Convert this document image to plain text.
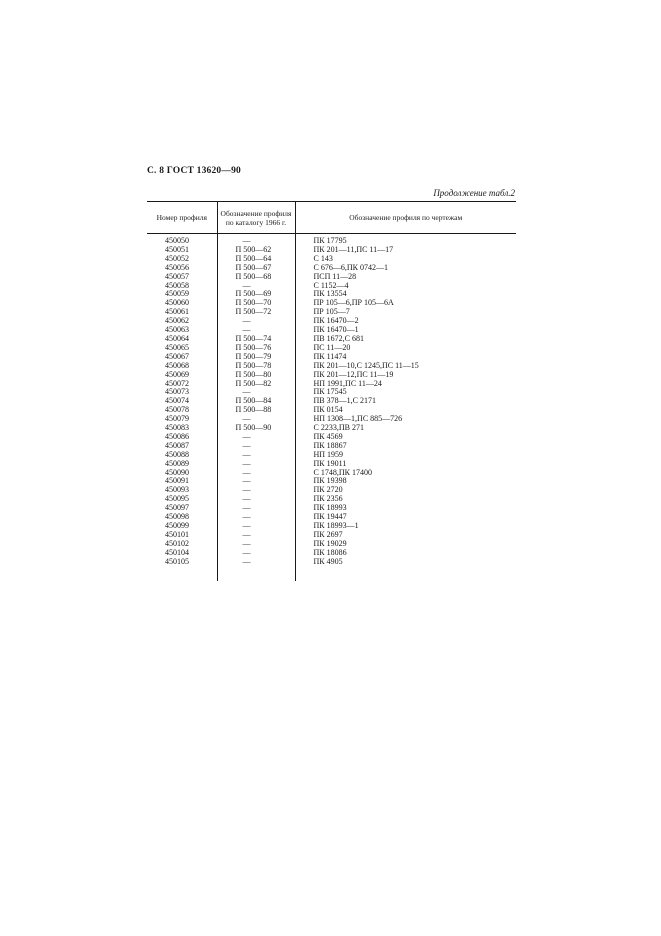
С. 8 ГОСТ 13620—90
Продолжение табл.2
Номер профиля	Обозначение профиля по каталогу 1966 г.	Обозначение профиля по чертежам
450050	—	ПК 17795
450051	П 500—62	ПК 201—11,ПС 11—17
450052	П 500—64	С 143
450056	П 500—67	С 676—6,ПК 0742—1
450057	П 500—68	ПСП 11—28
450058	—	С 1152—4
450059	П 500—69	ПК 13554
450060	П 500—70	ПР 105—6,ПР 105—6А
450061	П 500—72	ПР 105—7
450062	—	ПК 16470—2
450063	—	ПК 16470—1
450064	П 500—74	ПВ 1672,С 681
450065	П 500—76	ПС 11—20
450067	П 500—79	ПК 11474
450068	П 500—78	ПК 201—10,С 1245,ПС 11—15
450069	П 500—80	ПК 201—12,ПС 11—19
450072	П 500—82	НП 1991,ПС 11—24
450073	—	ПК 17545
450074	П 500—84	ПВ 378—1,С 2171
450078	П 500—88	ПК 0154
450079	—	НП 1308—1,ПС 885—726
450083	П 500—90	С 2233,ПВ 271
450086	—	ПК 4569
450087	—	ПК 18867
450088	—	НП 1959
450089	—	ПК 19011
450090	—	С 1748,ПК 17400
450091	—	ПК 19398
450093	—	ПК 2720
450095	—	ПК 2356
450097	—	ПК 18993
450098	—	ПК 19447
450099	—	ПК 18993—1
450101	—	ПК 2697
450102	—	ПК 19029
450104	—	ПК 18086
450105	—	ПК 4905
